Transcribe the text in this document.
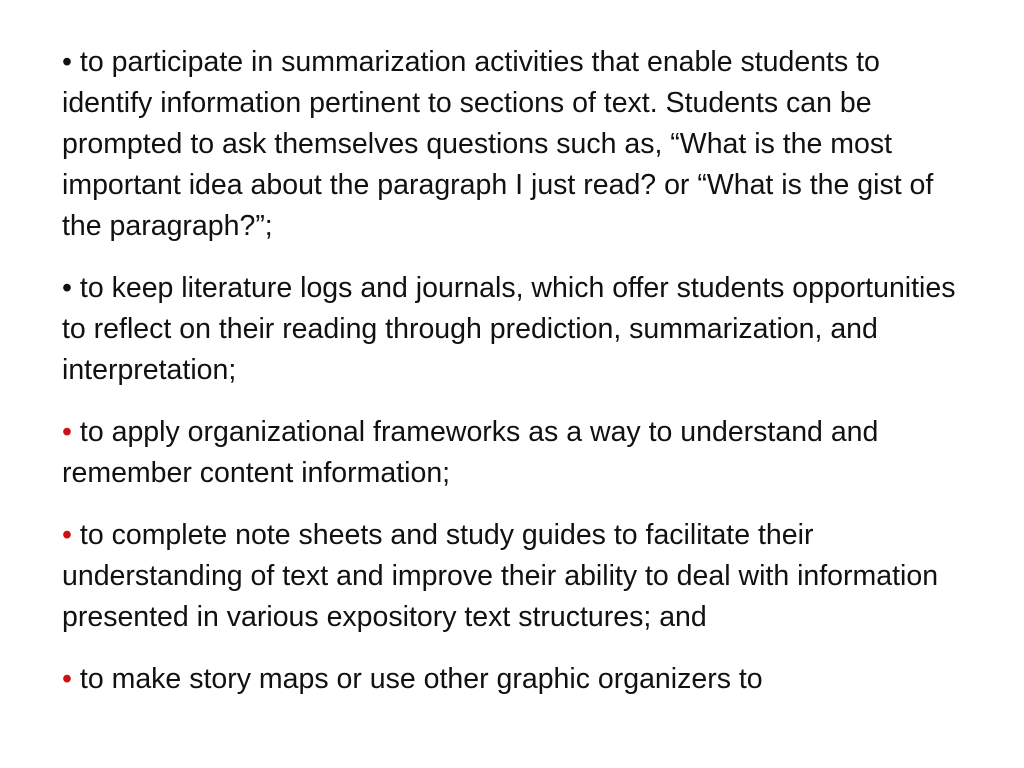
• to participate in summarization activities that enable students to identify information pertinent to sections of text. Students can be prompted to ask themselves questions such as, “What is the most important idea about the paragraph I just read? or “What is the gist of the paragraph?”;
• to keep literature logs and journals, which offer students opportunities to reflect on their reading through prediction, summarization, and interpretation;
• to apply organizational frameworks as a way to understand and remember content information;
• to complete note sheets and study guides to facilitate their understanding of text and improve their ability to deal with information presented in various expository text structures; and
• to make story maps or use other graphic organizers to
